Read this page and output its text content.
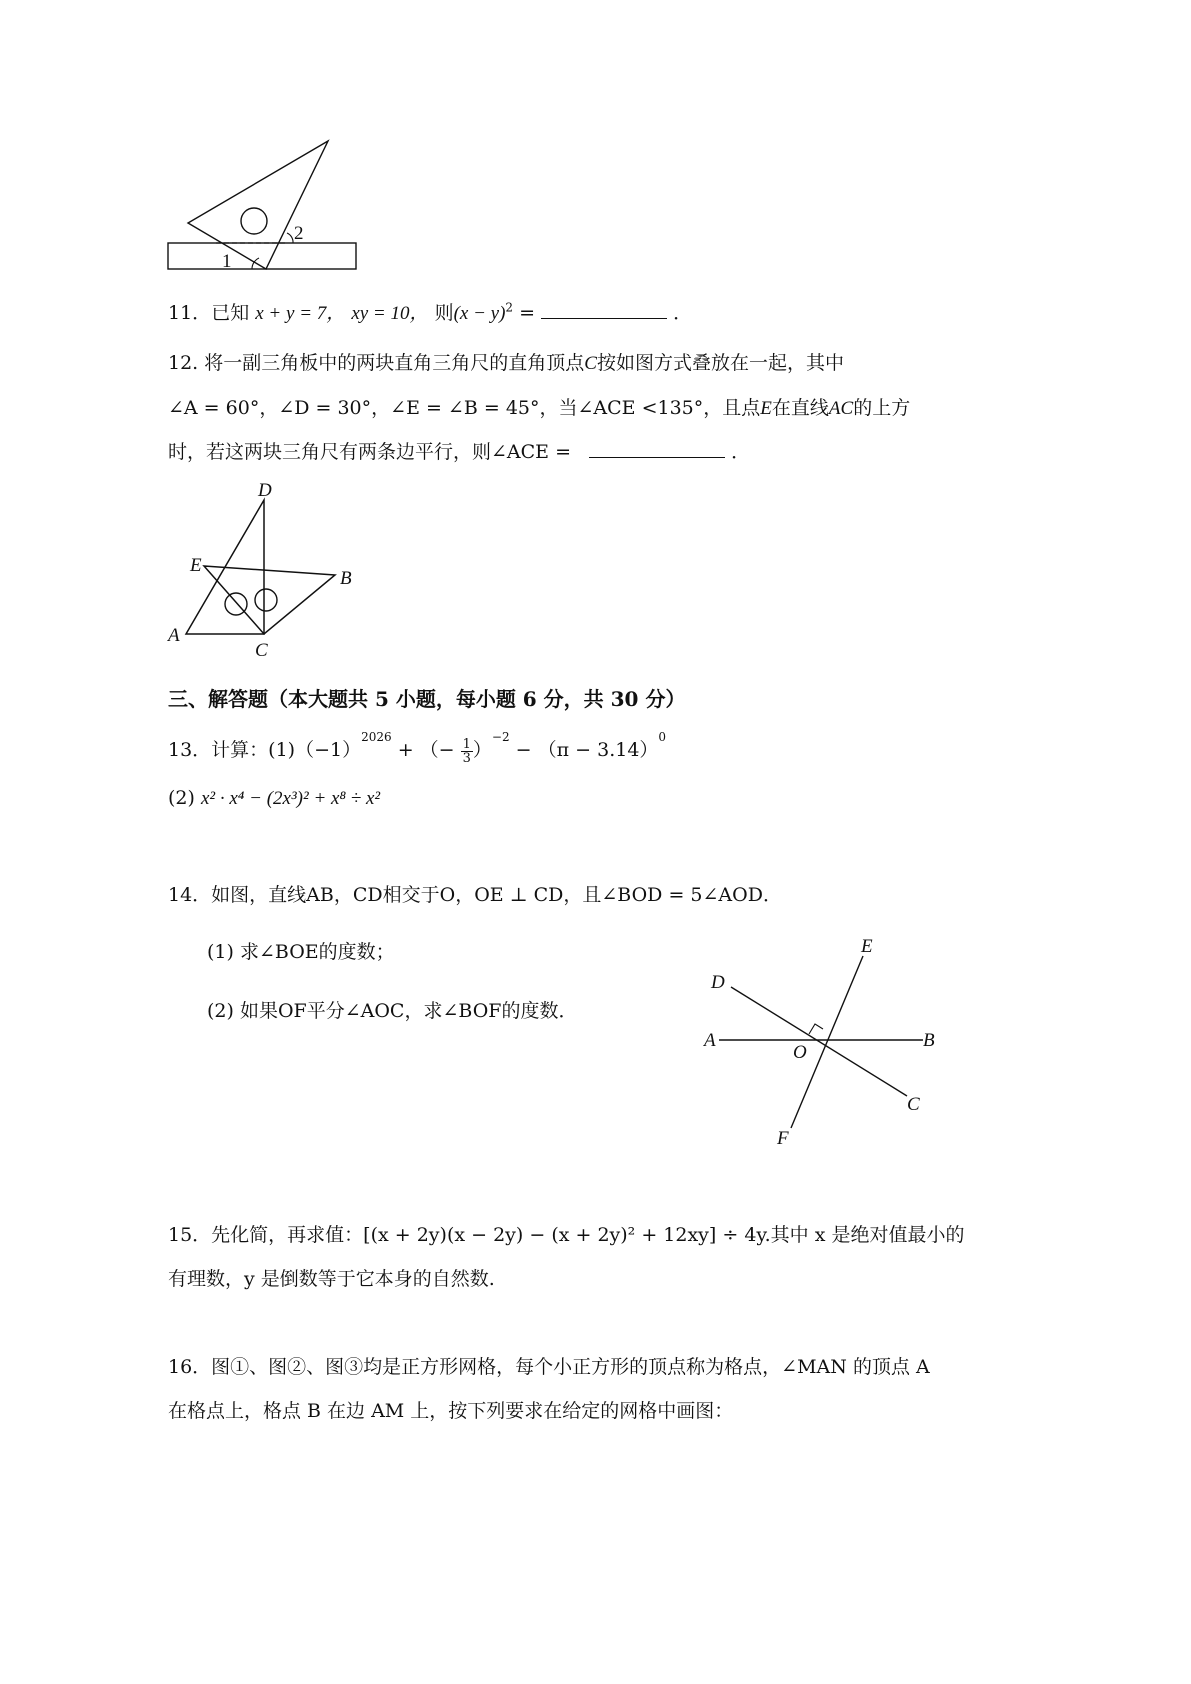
1
2
11．已知 x + y = 7， xy = 10， 则$(x - y)^2$ =	．
12. 将一副三角板中的两块直角三角尺的直角顶点C按如图方式叠放在一起，其中
∠A = 60°，∠D = 30°，∠E = ∠B = 45°，当∠ACE <135°，且点E在直线AC的上方
时，若这两块三角尺有两条边平行，则∠ACE =	．
D
E
B
A
C
三、解答题（本大题共 5 小题，每小题 6 分，共 30 分）
13．计算：$(1)(-1)^{2026}$ + （− $\frac{1}{3} )^{-2} - (\pi - 3.14)^0$
(2) x² · x⁴ − (2x³)² + x⁸ ÷ x²
14．如图，直线AB，CD相交于O，OE ⊥ CD，且∠BOD = 5∠AOD．
(1) 求∠BOE的度数；
(2) 如果OF平分∠AOC，求∠BOF的度数．
E
D
A
O
B
C
F
15．先化简，再求值：[(x + 2y)(x − 2y) − (x + 2y)² + 12xy] ÷ 4y.其中 x 是绝对值最小的
有理数，y 是倒数等于它本身的自然数.
16．图①、图②、图③均是正方形网格，每个小正方形的顶点称为格点，∠MAN 的顶点 A
在格点上，格点 B 在边 AM 上，按下列要求在给定的网格中画图：
